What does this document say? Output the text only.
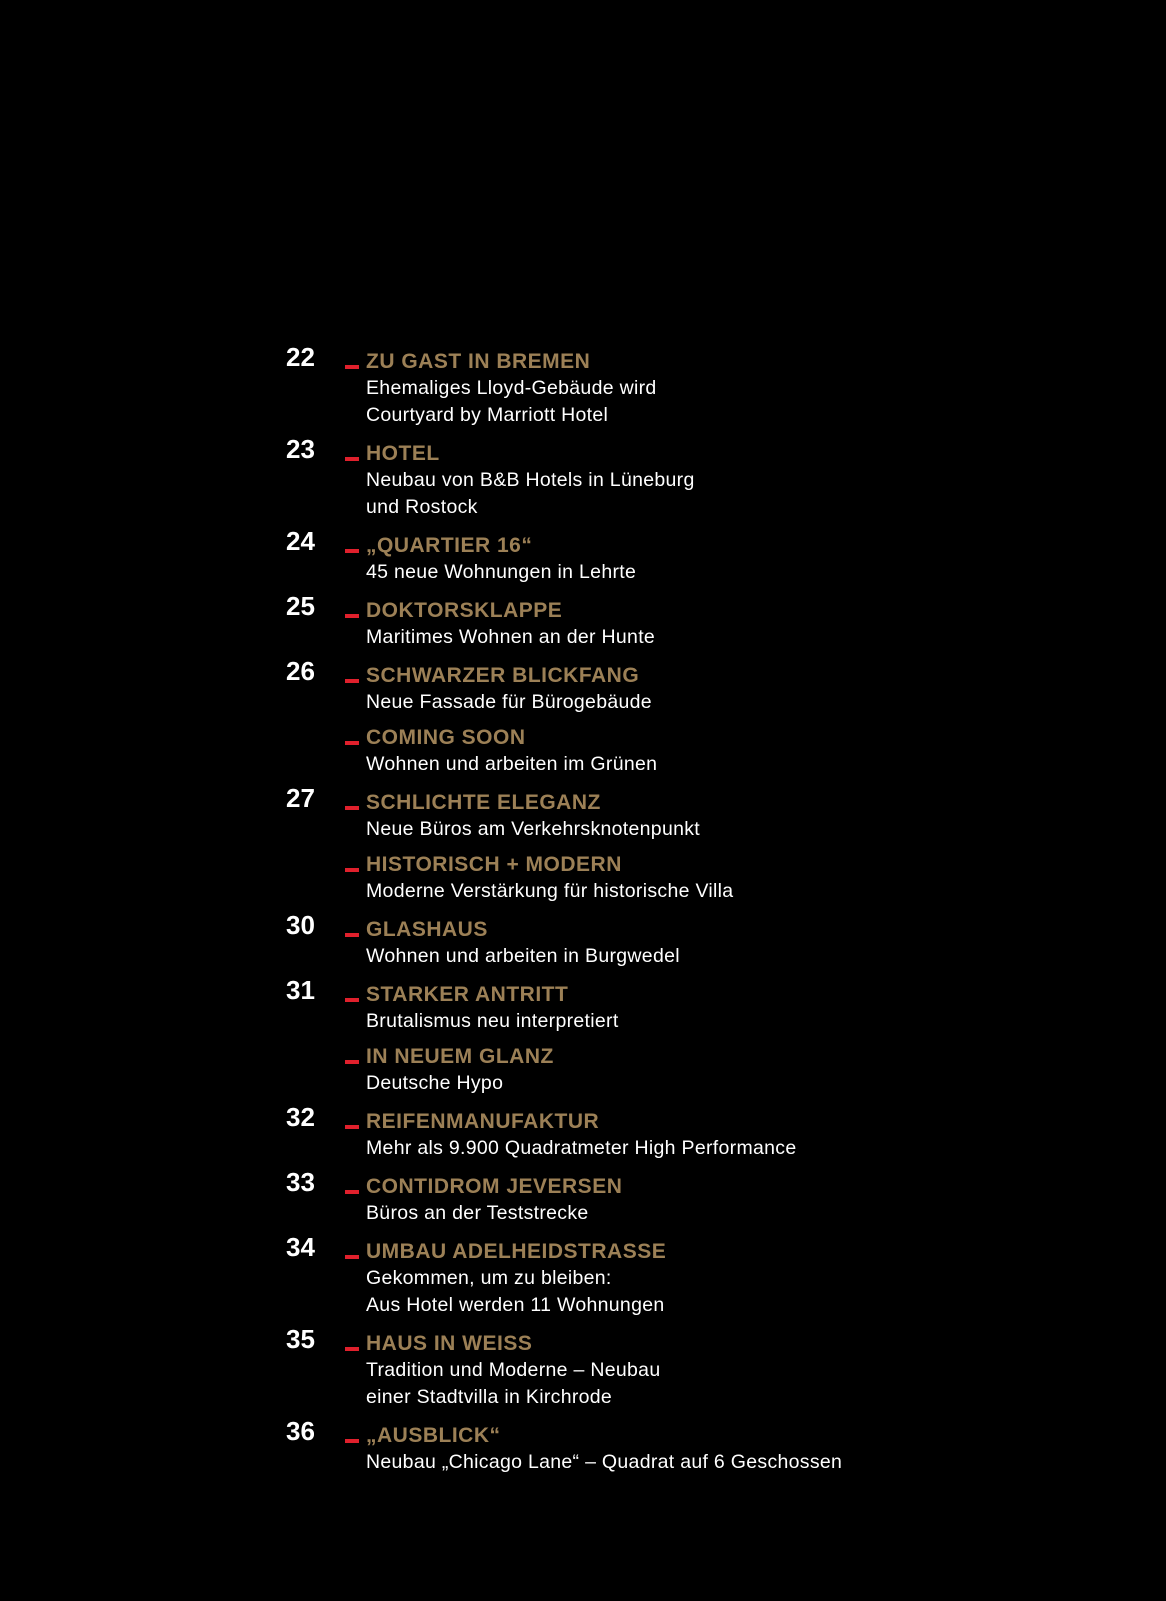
22 ZU GAST IN BREMEN
Ehemaliges Lloyd-Gebäude wird
Courtyard by Marriott Hotel
23 HOTEL
Neubau von B&B Hotels in Lüneburg
und Rostock
24 „QUARTIER 16“
45 neue Wohnungen in Lehrte
25 DOKTORSKLAPPE
Maritimes Wohnen an der Hunte
26 SCHWARZER BLICKFANG
Neue Fassade für Bürogebäude
COMING SOON
Wohnen und arbeiten im Grünen
27 SCHLICHTE ELEGANZ
Neue Büros am Verkehrsknotenpunkt
HISTORISCH + MODERN
Moderne Verstärkung für historische Villa
30 GLASHAUS
Wohnen und arbeiten in Burgwedel
31 STARKER ANTRITT
Brutalismus neu interpretiert
IN NEUEM GLANZ
Deutsche Hypo
32 REIFENMANUFAKTUR
Mehr als 9.900 Quadratmeter High Performance
33 CONTIDROM JEVERSEN
Büros an der Teststrecke
34 UMBAU ADELHEIDSTRASSE
Gekommen, um zu bleiben:
Aus Hotel werden 11 Wohnungen
35 HAUS IN WEISS
Tradition und Moderne – Neubau
einer Stadtvilla in Kirchrode
36 „AUSBLICK“
Neubau „Chicago Lane“ – Quadrat auf 6 Geschossen
